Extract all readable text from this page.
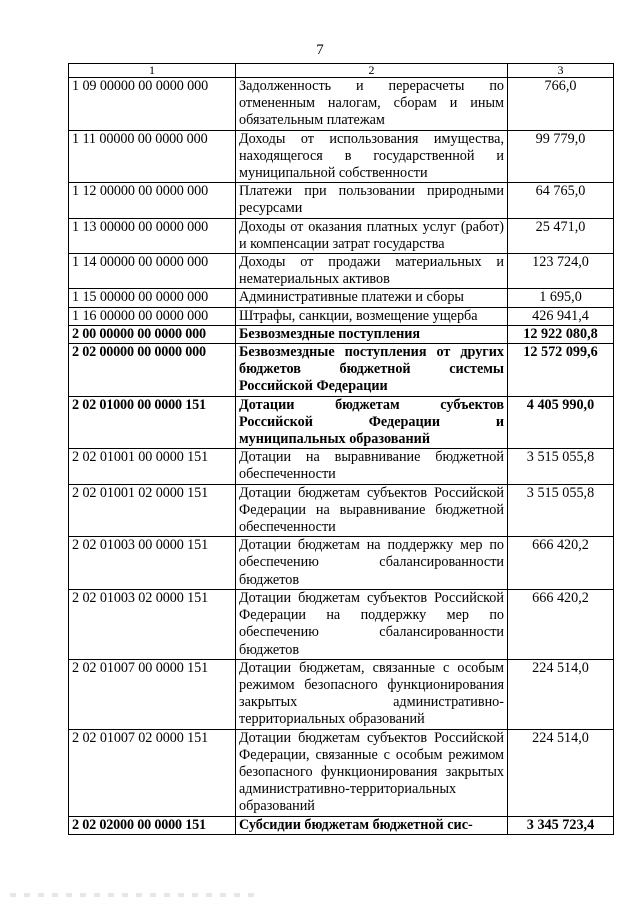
7
1	2	3
1 09 00000 00 0000 000	Задолженность и перерасчеты по отмененным налогам, сборам и иным обязательным платежам	766,0
1 11 00000 00 0000 000	Доходы от использования имущества, находящегося в государственной и муниципальной собственности	99 779,0
1 12 00000 00 0000 000	Платежи при пользовании природными ресурсами	64 765,0
1 13 00000 00 0000 000	Доходы от оказания платных услуг (работ) и компенсации затрат государства	25 471,0
1 14 00000 00 0000 000	Доходы от продажи материальных и нематериальных активов	123 724,0
1 15 00000 00 0000 000	Административные платежи и сборы	1 695,0
1 16 00000 00 0000 000	Штрафы, санкции, возмещение ущерба	426 941,4
2 00 00000 00 0000 000	Безвозмездные поступления	12 922 080,8
2 02 00000 00 0000 000	Безвозмездные поступления от других бюджетов бюджетной системы Российской Федерации	12 572 099,6
2 02 01000 00 0000 151	Дотации бюджетам субъектов Российской Федерации и муниципальных образований	4 405 990,0
2 02 01001 00 0000 151	Дотации на выравнивание бюджетной обеспеченности	3 515 055,8
2 02 01001 02 0000 151	Дотации бюджетам субъектов Российской Федерации на выравнивание бюджетной обеспеченности	3 515 055,8
2 02 01003 00 0000 151	Дотации бюджетам на поддержку мер по обеспечению сбалансированности бюджетов	666 420,2
2 02 01003 02 0000 151	Дотации бюджетам субъектов Российской Федерации на поддержку мер по обеспечению сбалансированности бюджетов	666 420,2
2 02 01007 00 0000 151	Дотации бюджетам, связанные с особым режимом безопасного функционирования закрытых административно-территориальных образований	224 514,0
2 02 01007 02 0000 151	Дотации бюджетам субъектов Российской Федерации, связанные с особым режимом безопасного функционирования закрытых административно-территориальных образований	224 514,0
2 02 02000 00 0000 151	Субсидии бюджетам бюджетной сис-	3 345 723,4
